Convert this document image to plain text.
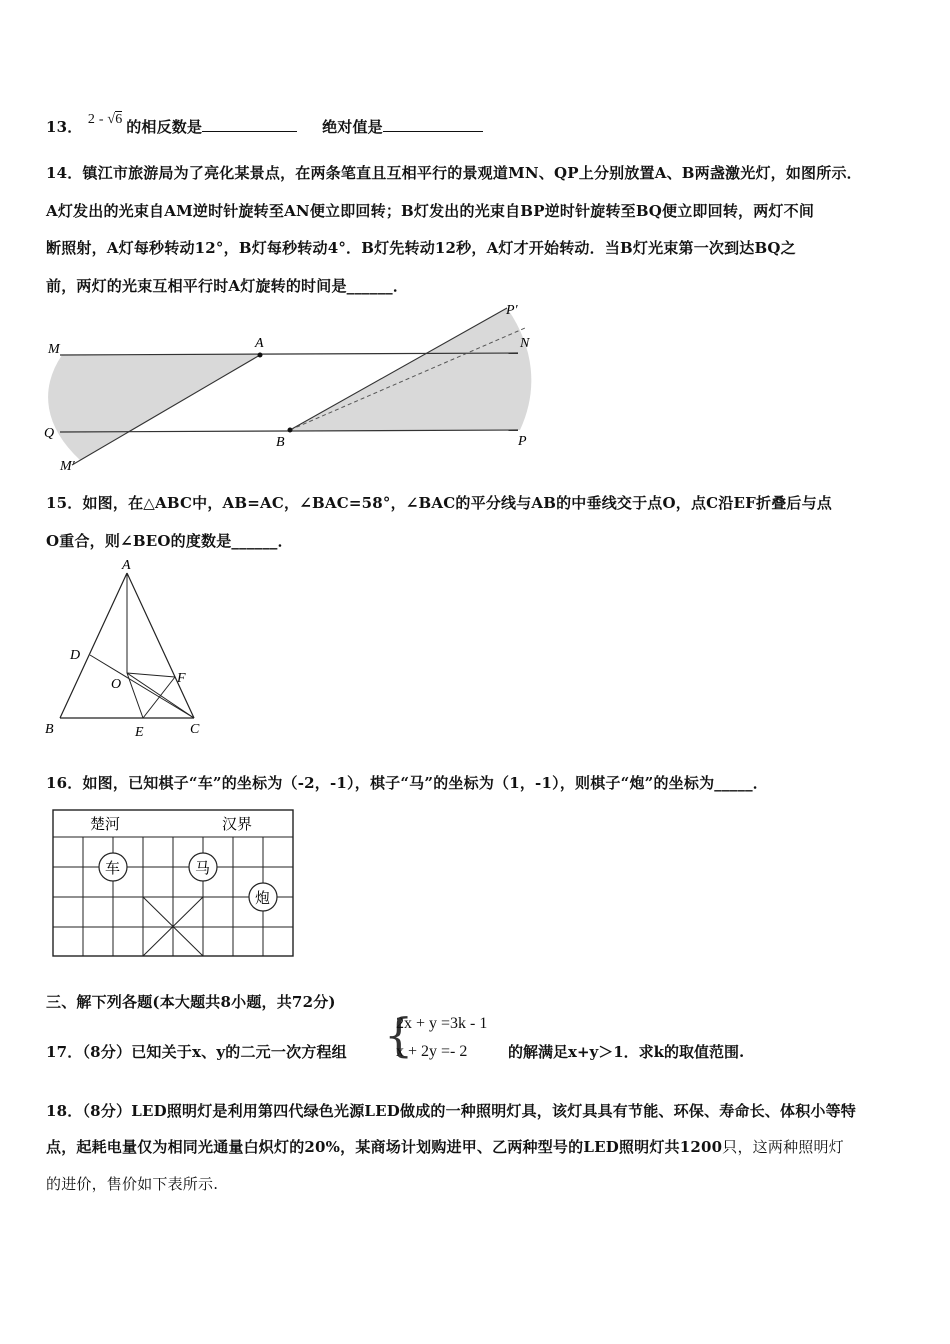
13． 2 - √6 的相反数是	绝对值是
14．镇江市旅游局为了亮化某景点，在两条笔直且互相平行的景观道MN、QP上分别放置A、B两盏激光灯，如图所示．
A灯发出的光束自AM逆时针旋转至AN便立即回转；B灯发出的光束自BP逆时针旋转至BQ便立即回转，两灯不间
断照射，A灯每秒转动12°，B灯每秒转动4°．B灯先转动12秒，A灯才开始转动．当B灯光束第一次到达BQ之
前，两灯的光束互相平行时A灯旋转的时间是______．
M	N
Q
P
A
B
M′
P′
15．如图，在△ABC中，AB=AC，∠BAC=58°，∠BAC的平分线与AB的中垂线交于点O，点C沿EF折叠后与点
O重合，则∠BEO的度数是______．
A
B	C
D
E
F
O
16．如图，已知棋子“车”的坐标为（-2，-1），棋子“马”的坐标为（1，-1），则棋子“炮”的坐标为_____．
楚河	汉界
车	马
炮
三、解下列各题(本大题共8小题，共72分)
17．（8分）已知关于x、y的二元一次方程组 {
2x + y =3k - 1
x + 2y =- 2	的解满足x+y＞1．求k的取值范围.
18．（8分）LED照明灯是利用第四代绿色光源LED做成的一种照明灯具，该灯具具有节能、环保、寿命长、体积小等特
点，起耗电量仅为相同光通量白炽灯的20%，某商场计划购进甲、乙两种型号的LED照明灯共1200只，这两种照明灯
的进价，售价如下表所示.
